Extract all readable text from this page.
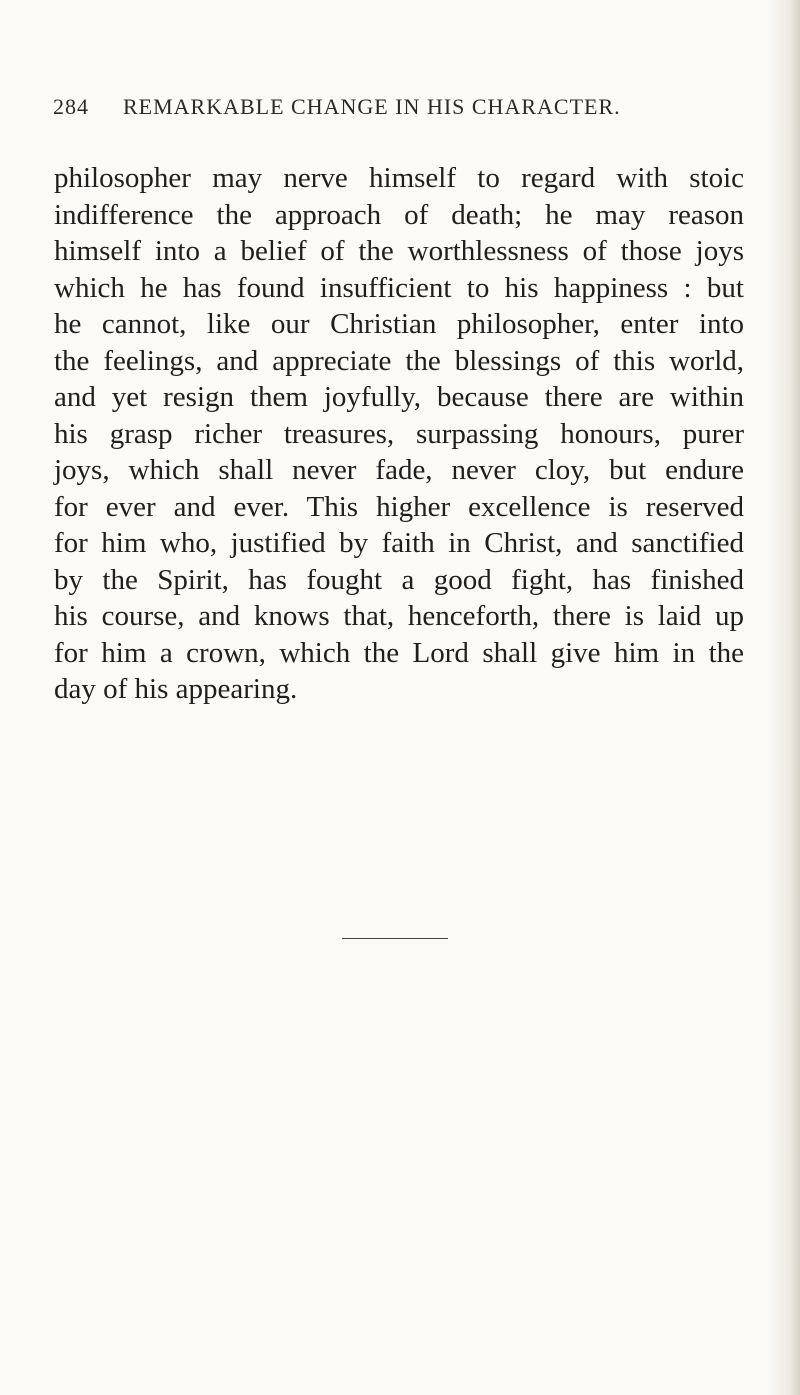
284 REMARKABLE CHANGE IN HIS CHARACTER.
philosopher may nerve himself to regard with stoic
indifference the approach of death; he may reason
himself into a belief of the worthlessness of those joys
which he has found insufficient to his happiness : but
he cannot, like our Christian philosopher, enter into
the feelings, and appreciate the blessings of this world,
and yet resign them joyfully, because there are within
his grasp richer treasures, surpassing honours, purer
joys, which shall never fade, never cloy, but endure
for ever and ever. This higher excellence is reserved
for him who, justified by faith in Christ, and sanctified
by the Spirit, has fought a good fight, has finished
his course, and knows that, henceforth, there is laid up
for him a crown, which the Lord shall give him in the
day of his appearing.
